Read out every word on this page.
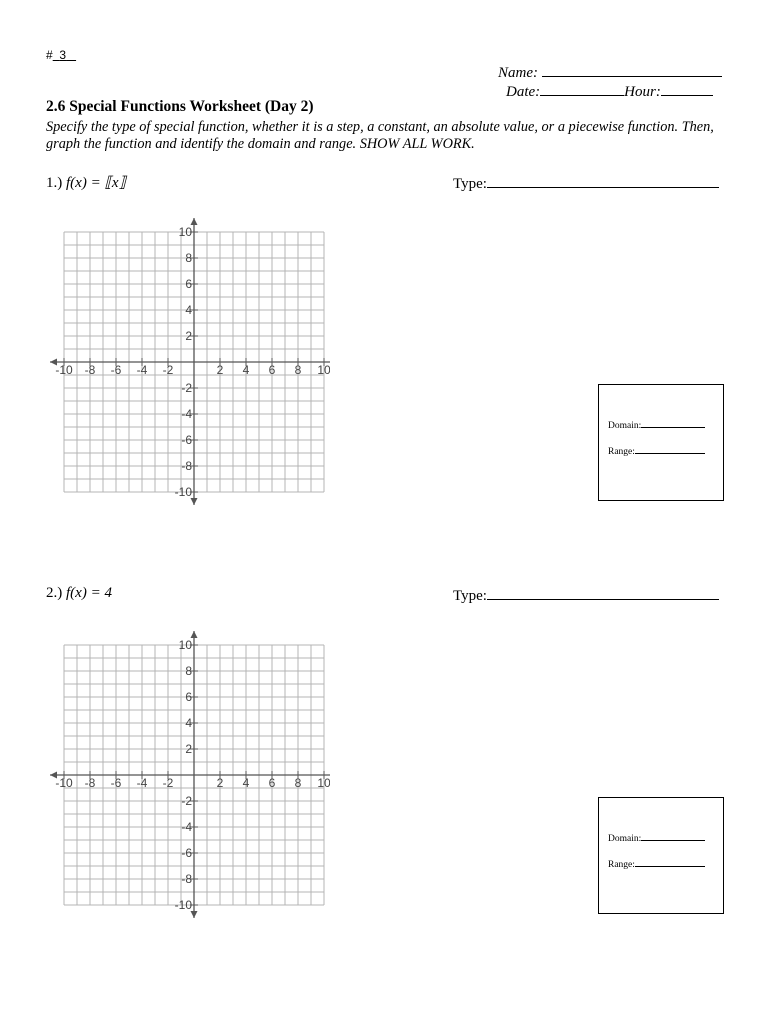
# 3
Name:
Date:	Hour:
2.6 Special Functions Worksheet (Day 2)
Specify the type of special function, whether it is a step, a constant, an absolute value, or a piecewise function. Then, graph the function and identify the domain and range. SHOW ALL WORK.
1.) f(x) = ⟦x⟧	Type:
-10 -8 -6 -4 -2	2 4 6 8 10
10
8
6
4
2
-2
-4
-6
-8
-10
Domain:
Range:
2.) f(x) = 4	Type:
-10 -8 -6 -4 -2	2 4 6 8 10
10
8
6
4
2
-2
-4
-6
-8
-10
Domain:
Range:
